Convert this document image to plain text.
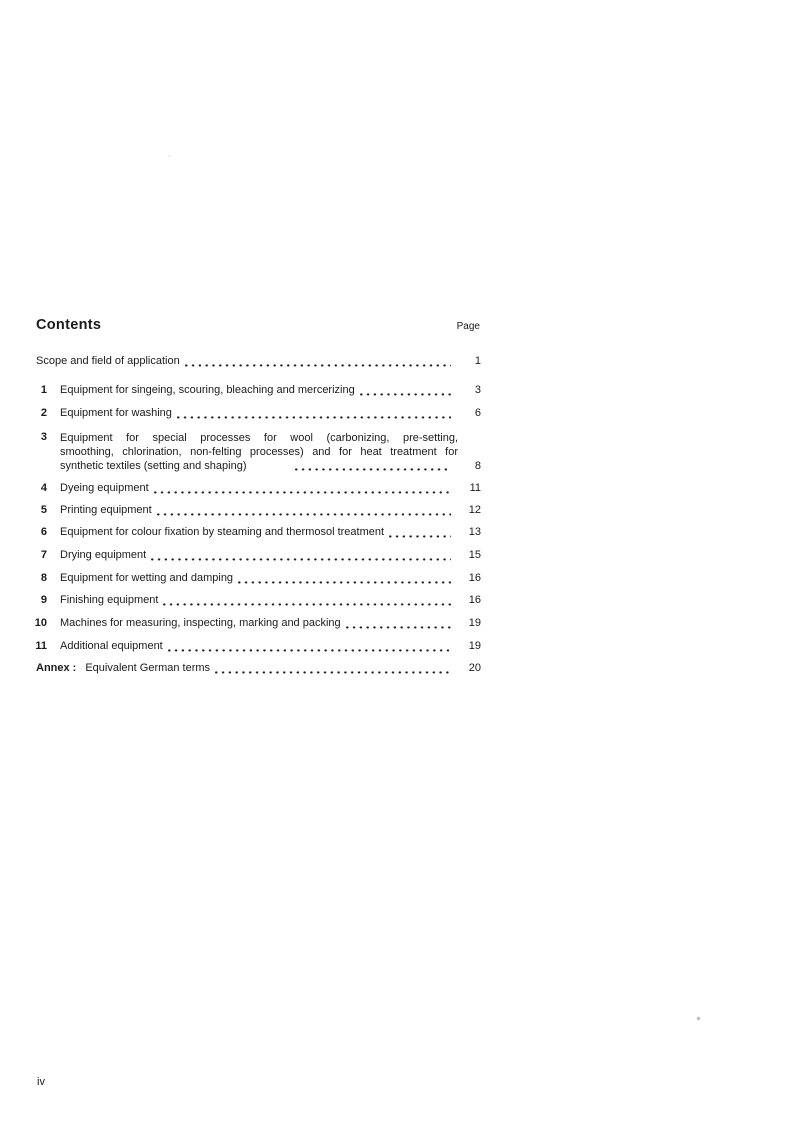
Contents	Page
Scope and field of application	1
1 Equipment for singeing, scouring, bleaching and mercerizing	3
2 Equipment for washing	6
3 Equipment for special processes for wool (carbonizing, pre-setting,
smoothing, chlorination, non-felting processes) and for heat treatment for
synthetic textiles (setting and shaping)	8
4 Dyeing equipment	11
5 Printing equipment	12
6 Equipment for colour fixation by steaming and thermosol treatment	13
7 Drying equipment	15
8 Equipment for wetting and damping	16
9 Finishing equipment	16
10 Machines for measuring, inspecting, marking and packing	19
11 Additional equipment	19
Annex : Equivalent German terms	20
iv
